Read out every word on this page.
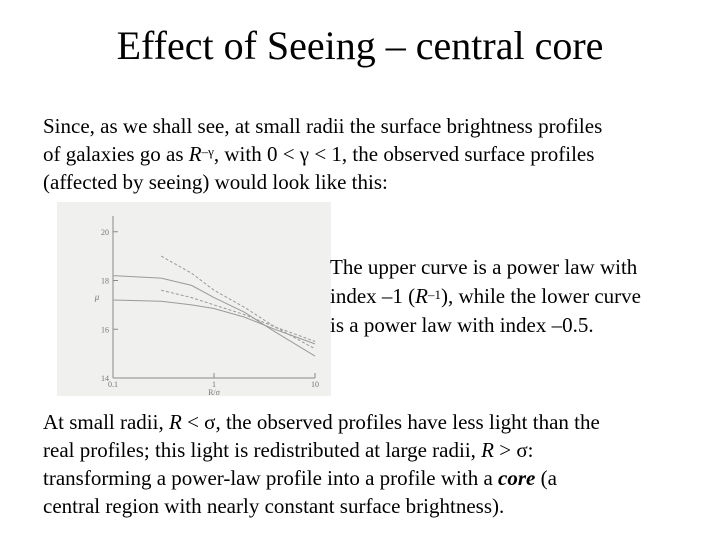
Effect of Seeing – central core
Since, as we shall see, at small radii the surface brightness profiles
of galaxies go as $R^{-\gamma}$, with 0 < γ < 1, the observed surface profiles
(affected by seeing) would look like this:
20
18
16
14
0.1	1	10
μ
R/σ
The upper curve is a power law with
index –1 $(R^{-1})$, while the lower curve
is a power law with index –0.5.
At small radii, R < σ, the observed profiles have less light than the
real profiles; this light is redistributed at large radii, R > σ:
transforming a power-law profile into a profile with a core (a
central region with nearly constant surface brightness).
